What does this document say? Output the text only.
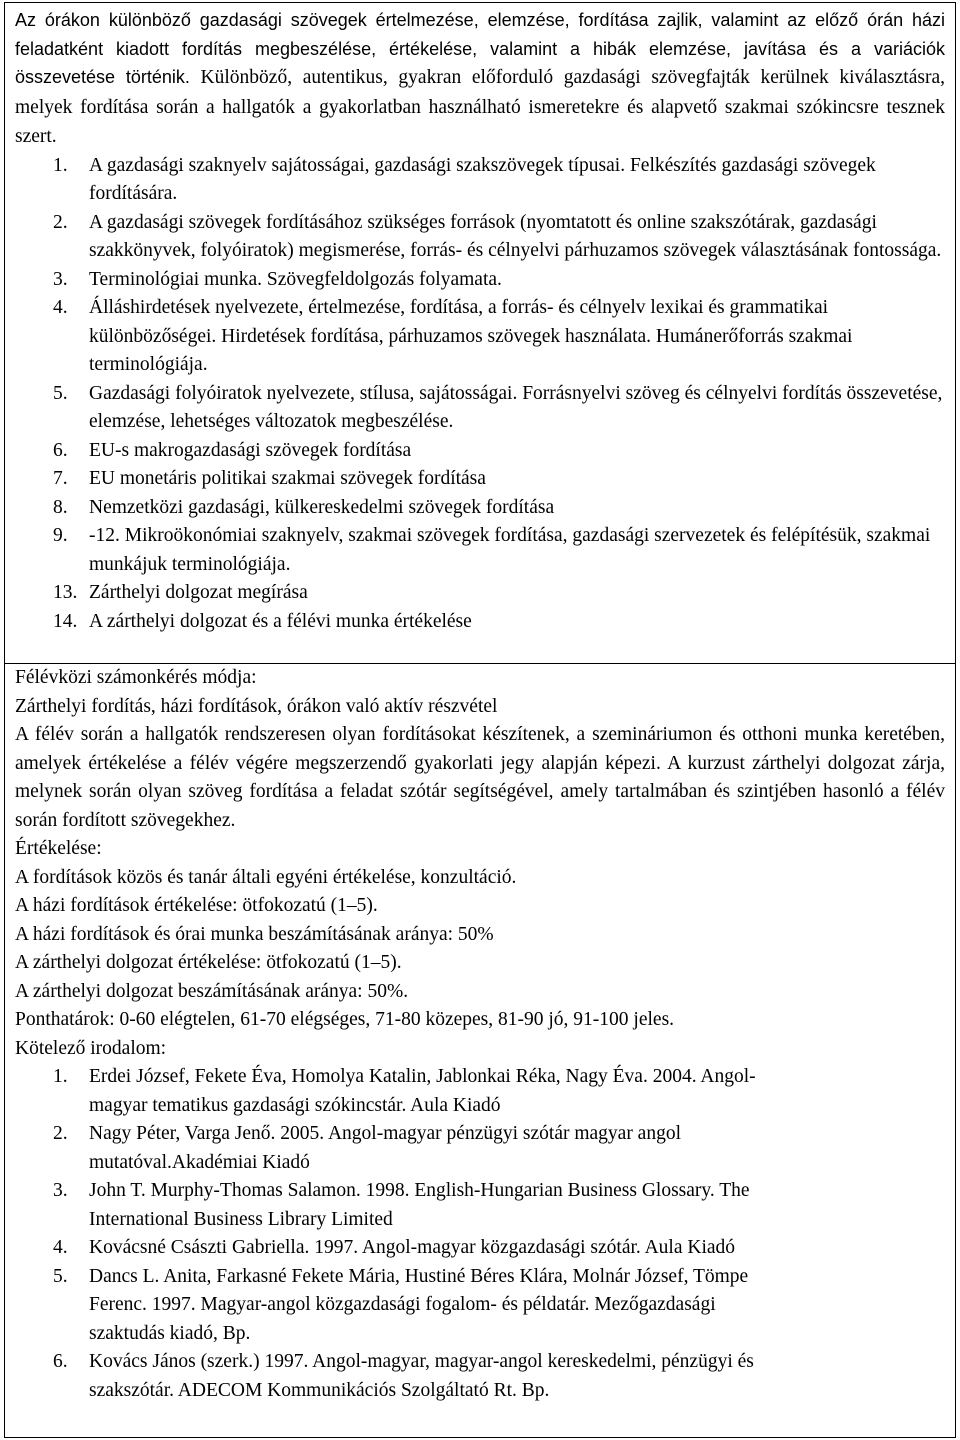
Az órákon különböző gazdasági szövegek értelmezése, elemzése, fordítása zajlik, valamint az előző órán házi feladatként kiadott fordítás megbeszélése, értékelése, valamint a hibák elemzése, javítása és a variációk összevetése történik. Különböző, autentikus, gyakran előforduló gazdasági szövegfajták kerülnek kiválasztásra, melyek fordítása során a hallgatók a gyakorlatban használható ismeretekre és alapvető szakmai szókincsre tesznek szert.
1. A gazdasági szaknyelv sajátosságai, gazdasági szakszövegek típusai. Felkészítés gazdasági szövegek fordítására.
2. A gazdasági szövegek fordításához szükséges források (nyomtatott és online szakszótárak, gazdasági szakkönyvek, folyóiratok) megismerése, forrás- és célnyelvi párhuzamos szövegek választásának fontossága.
3. Terminológiai munka. Szövegfeldolgozás folyamata.
4. Álláshirdetések nyelvezete, értelmezése, fordítása, a forrás- és célnyelv lexikai és grammatikai különbözőségei. Hirdetések fordítása, párhuzamos szövegek használata. Humánerőforrás szakmai terminológiája.
5. Gazdasági folyóiratok nyelvezete, stílusa, sajátosságai. Forrásnyelvi szöveg és célnyelvi fordítás összevetése, elemzése, lehetséges változatok megbeszélése.
6. EU-s makrogazdasági szövegek fordítása
7. EU monetáris politikai szakmai szövegek fordítása
8. Nemzetközi gazdasági, külkereskedelmi szövegek fordítása
9. -12. Mikroökonómiai szaknyelv, szakmai szövegek fordítása, gazdasági szervezetek és felépítésük, szakmai munkájuk terminológiája.
13. Zárthelyi dolgozat megírása
14. A zárthelyi dolgozat és a félévi munka értékelése
Félévközi számonkérés módja:
Zárthelyi fordítás, házi fordítások, órákon való aktív részvétel
A félév során a hallgatók rendszeresen olyan fordításokat készítenek, a szemináriumon és otthoni munka keretében, amelyek értékelése a félév végére megszerzendő gyakorlati jegy alapján képezi. A kurzust zárthelyi dolgozat zárja, melynek során olyan szöveg fordítása a feladat szótár segítségével, amely tartalmában és szintjében hasonló a félév során fordított szövegekhez.
Értékelése:
A fordítások közös és tanár általi egyéni értékelése, konzultáció.
A házi fordítások értékelése: ötfokozatú (1–5).
A házi fordítások és órai munka beszámításának aránya: 50%
A zárthelyi dolgozat értékelése: ötfokozatú (1–5).
A zárthelyi dolgozat beszámításának aránya: 50%.
Ponthatárok: 0-60 elégtelen, 61-70 elégséges, 71-80 közepes, 81-90 jó, 91-100 jeles.
Kötelező irodalom:
1. Erdei József, Fekete Éva, Homolya Katalin, Jablonkai Réka, Nagy Éva. 2004. Angol-
magyar tematikus gazdasági szókincstár. Aula Kiadó
2. Nagy Péter, Varga Jenő. 2005. Angol-magyar pénzügyi szótár magyar angol
mutatóval.Akadémiai Kiadó
3. John T. Murphy-Thomas Salamon. 1998. English-Hungarian Business Glossary. The
International Business Library Limited
4. Kovácsné Császti Gabriella. 1997. Angol-magyar közgazdasági szótár. Aula Kiadó
5. Dancs L. Anita, Farkasné Fekete Mária, Hustiné Béres Klára, Molnár József, Tömpe
Ferenc. 1997. Magyar-angol közgazdasági fogalom- és példatár. Mezőgazdasági
szaktudás kiadó, Bp.
6. Kovács János (szerk.) 1997. Angol-magyar, magyar-angol kereskedelmi, pénzügyi és
szakszótár. ADECOM Kommunikációs Szolgáltató Rt. Bp.
